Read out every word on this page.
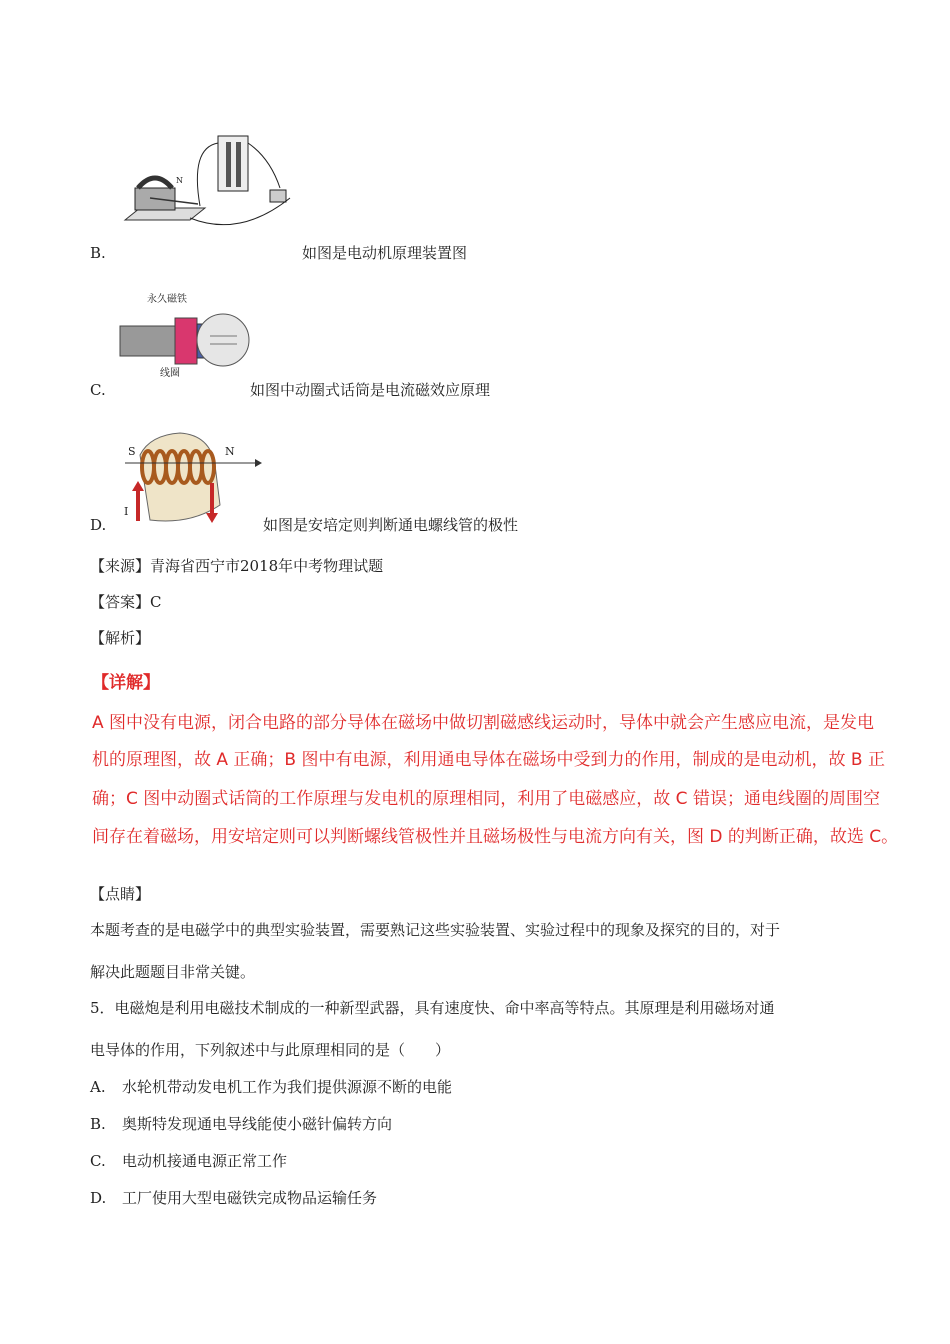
N
B.	如图是电动机原理装置图
永久磁铁
线圈
C.	如图中动圈式话筒是电流磁效应原理
S	N
I
D.	如图是安培定则判断通电螺线管的极性
【来源】青海省西宁市2018年中考物理试题
【答案】C
【解析】
【详解】
A 图中没有电源，闭合电路的部分导体在磁场中做切割磁感线运动时，导体中就会产生感应电流，是发电
机的原理图，故 A 正确；B 图中有电源，利用通电导体在磁场中受到力的作用，制成的是电动机，故 B 正
确；C 图中动圈式话筒的工作原理与发电机的原理相同，利用了电磁感应，故 C 错误；通电线圈的周围空
间存在着磁场，用安培定则可以判断螺线管极性并且磁场极性与电流方向有关，图 D 的判断正确，故选 C。
【点睛】
本题考查的是电磁学中的典型实验装置，需要熟记这些实验装置、实验过程中的现象及探究的目的，对于
解决此题题目非常关键。
5．电磁炮是利用电磁技术制成的一种新型武器，具有速度快、命中率高等特点。其原理是利用磁场对通
电导体的作用，下列叙述中与此原理相同的是（　　）
A. 水轮机带动发电机工作为我们提供源源不断的电能
B. 奥斯特发现通电导线能使小磁针偏转方向
C. 电动机接通电源正常工作
D. 工厂使用大型电磁铁完成物品运输任务
